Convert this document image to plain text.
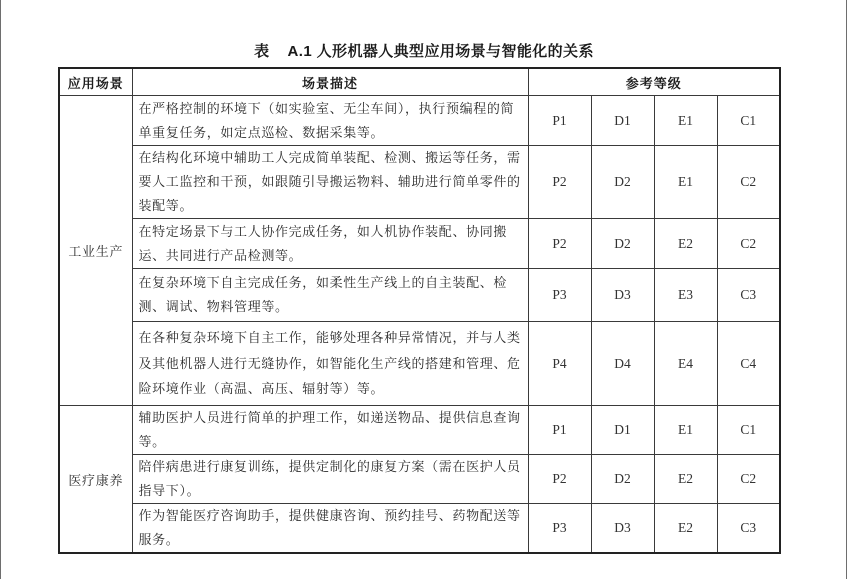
表 A.1 人形机器人典型应用场景与智能化的关系
应用场景	场景描述	参考等级			
工业生产	在严格控制的环境下（如实验室、无尘车间），执行预编程的简单重复任务，如定点巡检、数据采集等。	P1	D1	E1	C1
	在结构化环境中辅助工人完成简单装配、检测、搬运等任务，需要人工监控和干预，如跟随引导搬运物料、辅助进行简单零件的装配等。	P2	D2	E1	C2
	在特定场景下与工人协作完成任务，如人机协作装配、协同搬运、共同进行产品检测等。	P2	D2	E2	C2
	在复杂环境下自主完成任务，如柔性生产线上的自主装配、检测、调试、物料管理等。	P3	D3	E3	C3
	在各种复杂环境下自主工作，能够处理各种异常情况，并与人类及其他机器人进行无缝协作，如智能化生产线的搭建和管理、危险环境作业（高温、高压、辐射等）等。	P4	D4	E4	C4
医疗康养	辅助医护人员进行简单的护理工作，如递送物品、提供信息查询等。	P1	D1	E1	C1
	陪伴病患进行康复训练，提供定制化的康复方案（需在医护人员指导下）。	P2	D2	E2	C2
	作为智能医疗咨询助手，提供健康咨询、预约挂号、药物配送等服务。	P3	D3	E2	C3
